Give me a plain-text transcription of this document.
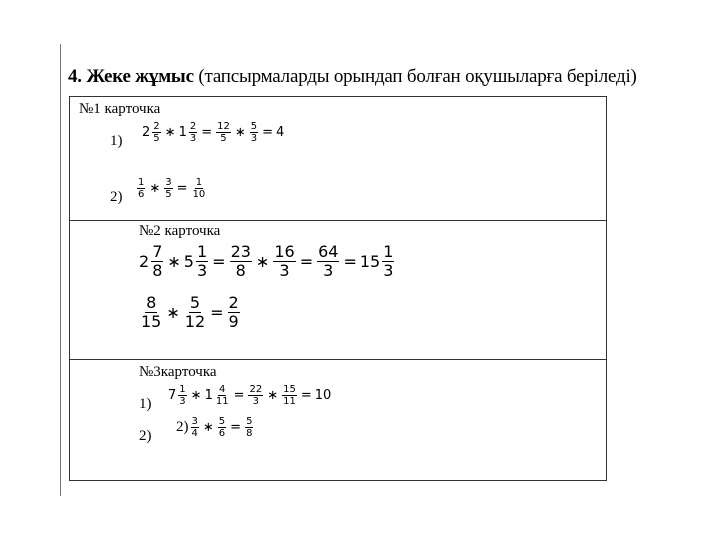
4. Жеке жұмыс (тапсырмаларды орындап болған оқушыларға беріледі)
№1 карточка
1)
$2 \frac{2}{5}$ ∗ $1 \frac{2}{3} = \frac{12}{5}$ ∗ $\frac{5}{3} = 4$
$2) \frac{1}{6}$ ∗ $\frac{3}{5} = \frac{1}{10}$
№2 карточка
$2 \frac{7}{8}$ ∗ $5 \frac{1}{3} = \frac{23}{8}$ ∗ $\frac{16}{3} = \frac{64}{3} = 15 \frac{1}{3}$
$\frac{8}{15}$ ∗ $\frac{5}{12} = \frac{2}{9}$
№3карточка
1)
$7 \frac{1}{3}$ ∗ $1 \frac{4}{11} = \frac{22}{3}$ ∗ $\frac{15}{11} = 10$
2)
$2) \frac{3}{4}$ ∗ $\frac{5}{6} = \frac{5}{8}$
